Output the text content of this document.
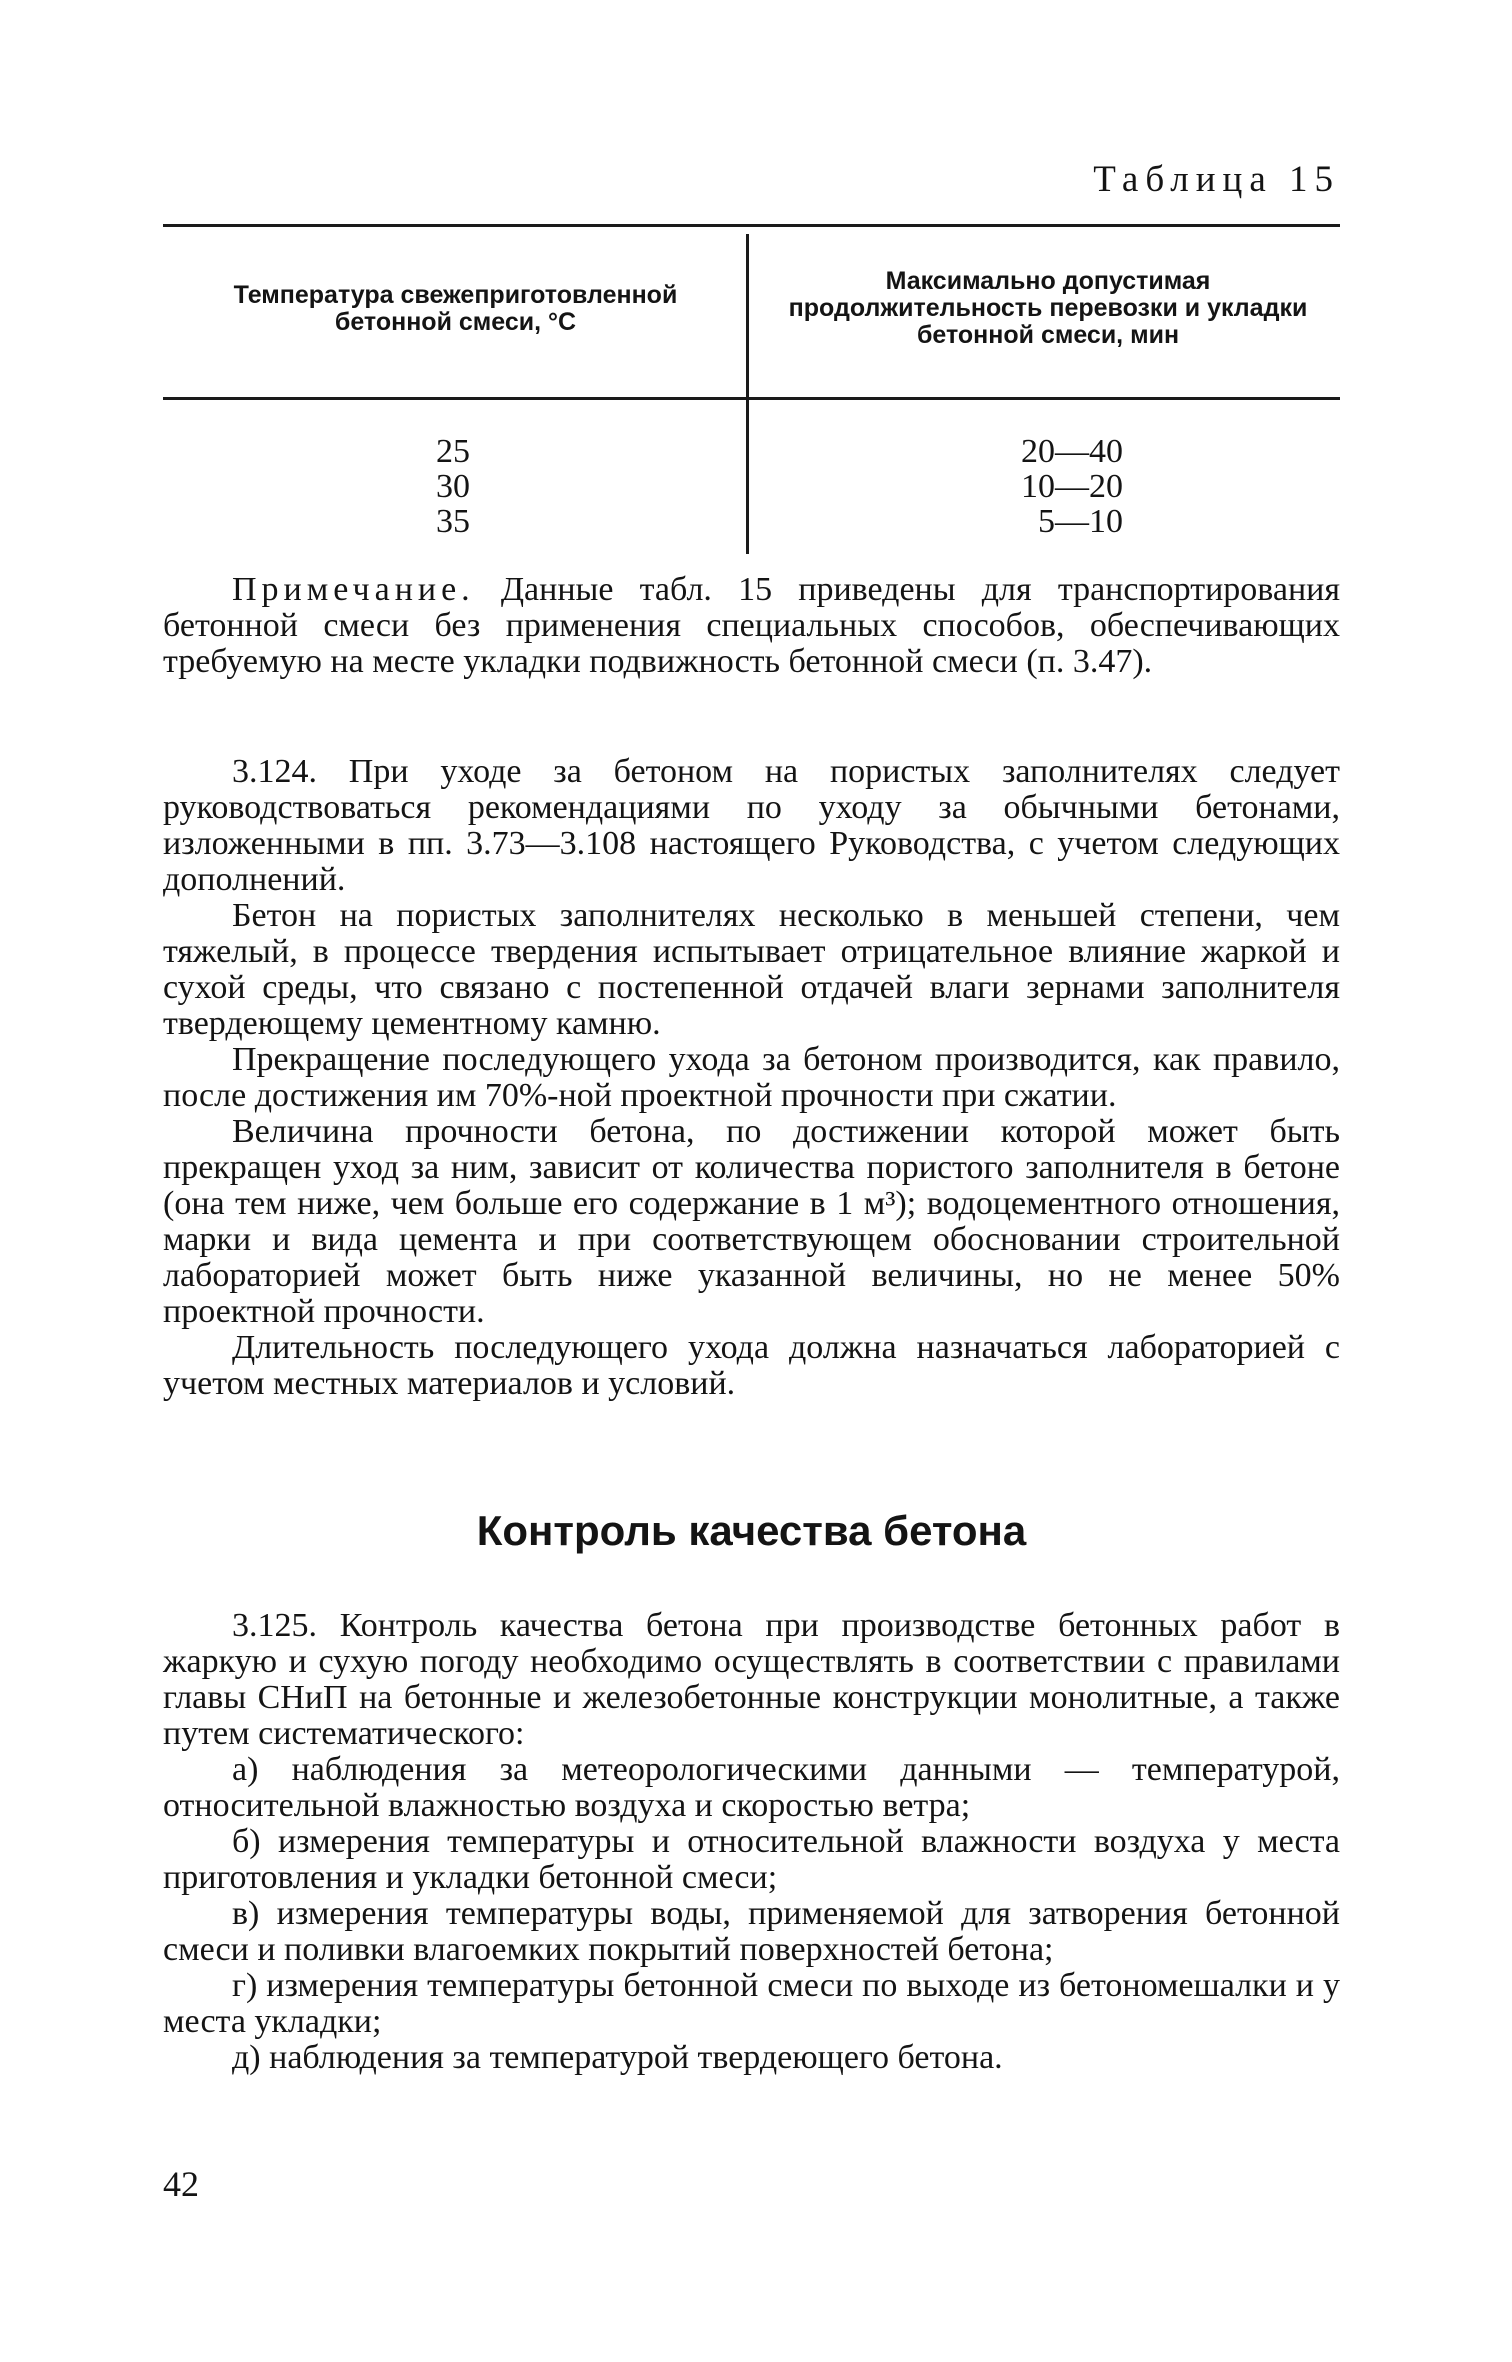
Таблица 15
Температура свежеприготовленной бетонной смеси, °С
Максимально допустимая продолжительность перевозки и укладки бетонной смеси, мин
25
30
35
20—40
10—20
5—10

Примечание. Данные табл. 15 приведены для транспортирования бетонной смеси без применения специальных способов, обеспечивающих требуемую на месте укладки подвижность бетонной смеси (п. 3.47).

3.124. При уходе за бетоном на пористых заполнителях следует руководствоваться рекомендациями по уходу за обычными бетонами, изложенными в пп. 3.73—3.108 настоящего Руководства, с учетом следующих дополнений.

Бетон на пористых заполнителях несколько в меньшей степени, чем тяжелый, в процессе твердения испытывает отрицательное влияние жаркой и сухой среды, что связано с постепенной отдачей влаги зернами заполнителя твердеющему цементному камню.

Прекращение последующего ухода за бетоном производится, как правило, после достижения им 70%-ной проектной прочности при сжатии.

Величина прочности бетона, по достижении которой может быть прекращен уход за ним, зависит от количества пористого заполнителя в бетоне (она тем ниже, чем больше его содержание в 1 м³); водоцементного отношения, марки и вида цемента и при соответствующем обосновании строительной лабораторией может быть ниже указанной величины, но не менее 50% проектной прочности.

Длительность последующего ухода должна назначаться лабораторией с учетом местных материалов и условий.

Контроль качества бетона

3.125. Контроль качества бетона при производстве бетонных работ в жаркую и сухую погоду необходимо осуществлять в соответствии с правилами главы СНиП на бетонные и железобетонные конструкции монолитные, а также путем систематического:

а) наблюдения за метеорологическими данными — температурой, относительной влажностью воздуха и скоростью ветра;

б) измерения температуры и относительной влажности воздуха у места приготовления и укладки бетонной смеси;

в) измерения температуры воды, применяемой для затворения бетонной смеси и поливки влагоемких покрытий поверхностей бетона;

г) измерения температуры бетонной смеси по выходе из бетономешалки и у места укладки;

д) наблюдения за температурой твердеющего бетона.

42
